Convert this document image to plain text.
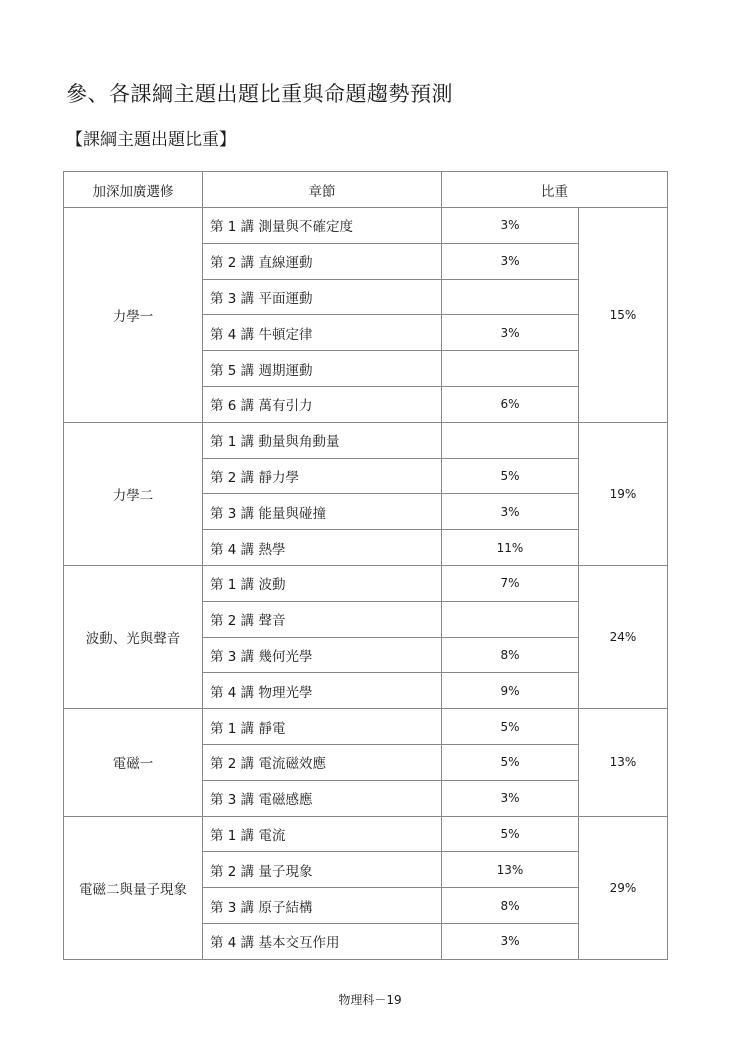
參、各課綱主題出題比重與命題趨勢預測
【課綱主題出題比重】
加深加廣選修	章節	比重	
力學一	第 1 講 測量與不確定度	3%	15%
	第 2 講 直線運動	3%	
	第 3 講 平面運動		
	第 4 講 牛頓定律	3%	
	第 5 講 週期運動		
	第 6 講 萬有引力	6%	
力學二	第 1 講 動量與角動量		19%
	第 2 講 靜力學	5%	
	第 3 講 能量與碰撞	3%	
	第 4 講 熱學	11%	
波動、光與聲音	第 1 講 波動	7%	24%
	第 2 講 聲音		
	第 3 講 幾何光學	8%	
	第 4 講 物理光學	9%	
電磁一	第 1 講 靜電	5%	13%
	第 2 講 電流磁效應	5%	
	第 3 講 電磁感應	3%	
電磁二與量子現象	第 1 講 電流	5%	29%
	第 2 講 量子現象	13%	
	第 3 講 原子結構	8%	
	第 4 講 基本交互作用	3%	
物理科－19
